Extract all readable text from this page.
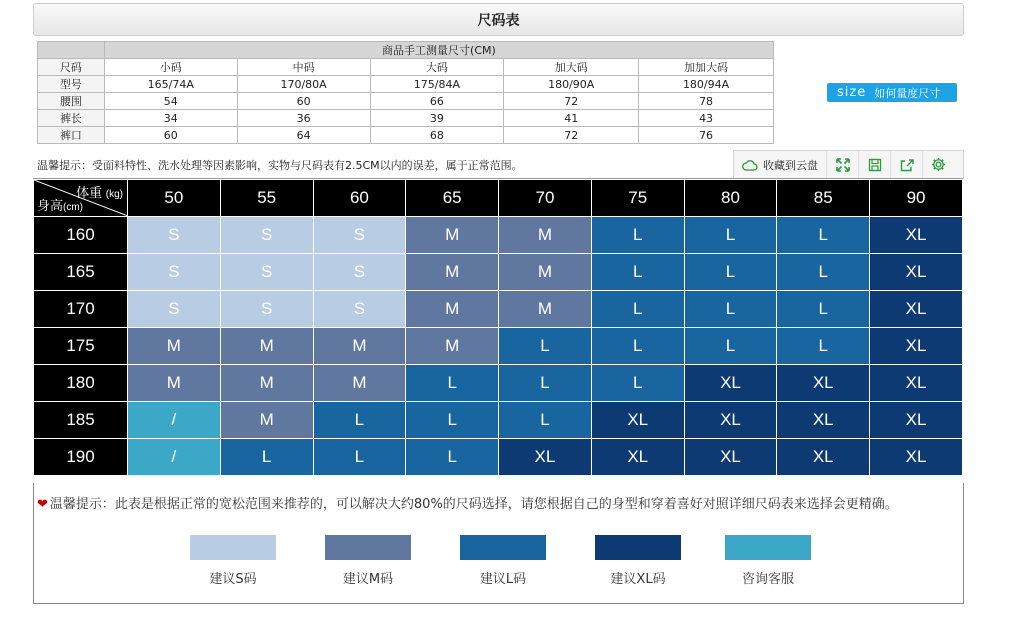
尺码表
	商品手工测量尺寸(CM)				
尺码	小码	中码	大码	加大码	加加大码
型号	165/74A	170/80A	175/84A	180/90A	180/94A
腰围	54	60	66	72	78
裤长	34	36	39	41	43
裤口	60	64	68	72	76
size 如何量度尺寸
温馨提示：受面料特性、洗水处理等因素影响，实物与尺码表有2.5CM以内的误差，属于正常范围。	收藏到云盘
体重 (kg)
身高(cm)	50	55	60	65	70	75	80	85	90
160	S	S	S	M	M	L	L	L	XL
165	S	S	S	M	M	L	L	L	XL
170	S	S	S	M	M	L	L	L	XL
175	M	M	M	M	L	L	L	L	XL
180	M	M	M	L	L	L	XL	XL	XL
185	/	M	L	L	L	XL	XL	XL	XL
190	/	L	L	L	XL	XL	XL	XL	XL
❤ 温馨提示：此表是根据正常的宽松范围来推荐的，可以解决大约80%的尺码选择，请您根据自己的身型和穿着喜好对照详细尺码表来选择会更精确。
建议S码	建议M码	建议L码	建议XL码	咨询客服
